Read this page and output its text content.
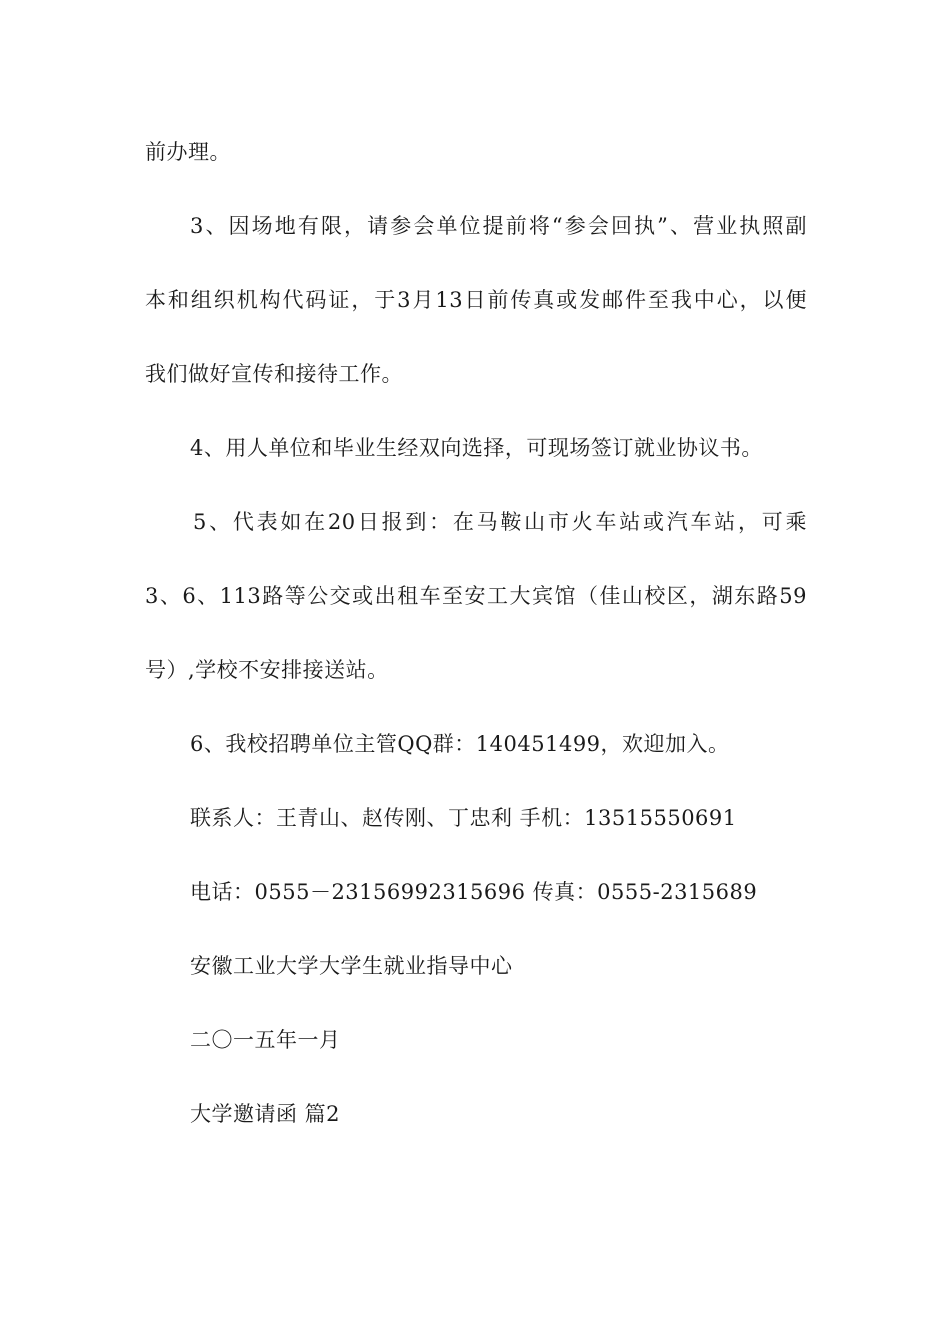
前办理。
3、因场地有限，请参会单位提前将“参会回执”、营业执照副
本和组织机构代码证，于3月13日前传真或发邮件至我中心，以便
我们做好宣传和接待工作。
4、用人单位和毕业生经双向选择，可现场签订就业协议书。
5、代表如在20日报到：在马鞍山市火车站或汽车站，可乘
3、6、113路等公交或出租车至安工大宾馆（佳山校区，湖东路59
号）,学校不安排接送站。
6、我校招聘单位主管QQ群：140451499，欢迎加入。
联系人：王青山、赵传刚、丁忠利 手机：13515550691
电话：0555－23156992315696 传真：0555-2315689
安徽工业大学大学生就业指导中心
二〇一五年一月
大学邀请函 篇2
